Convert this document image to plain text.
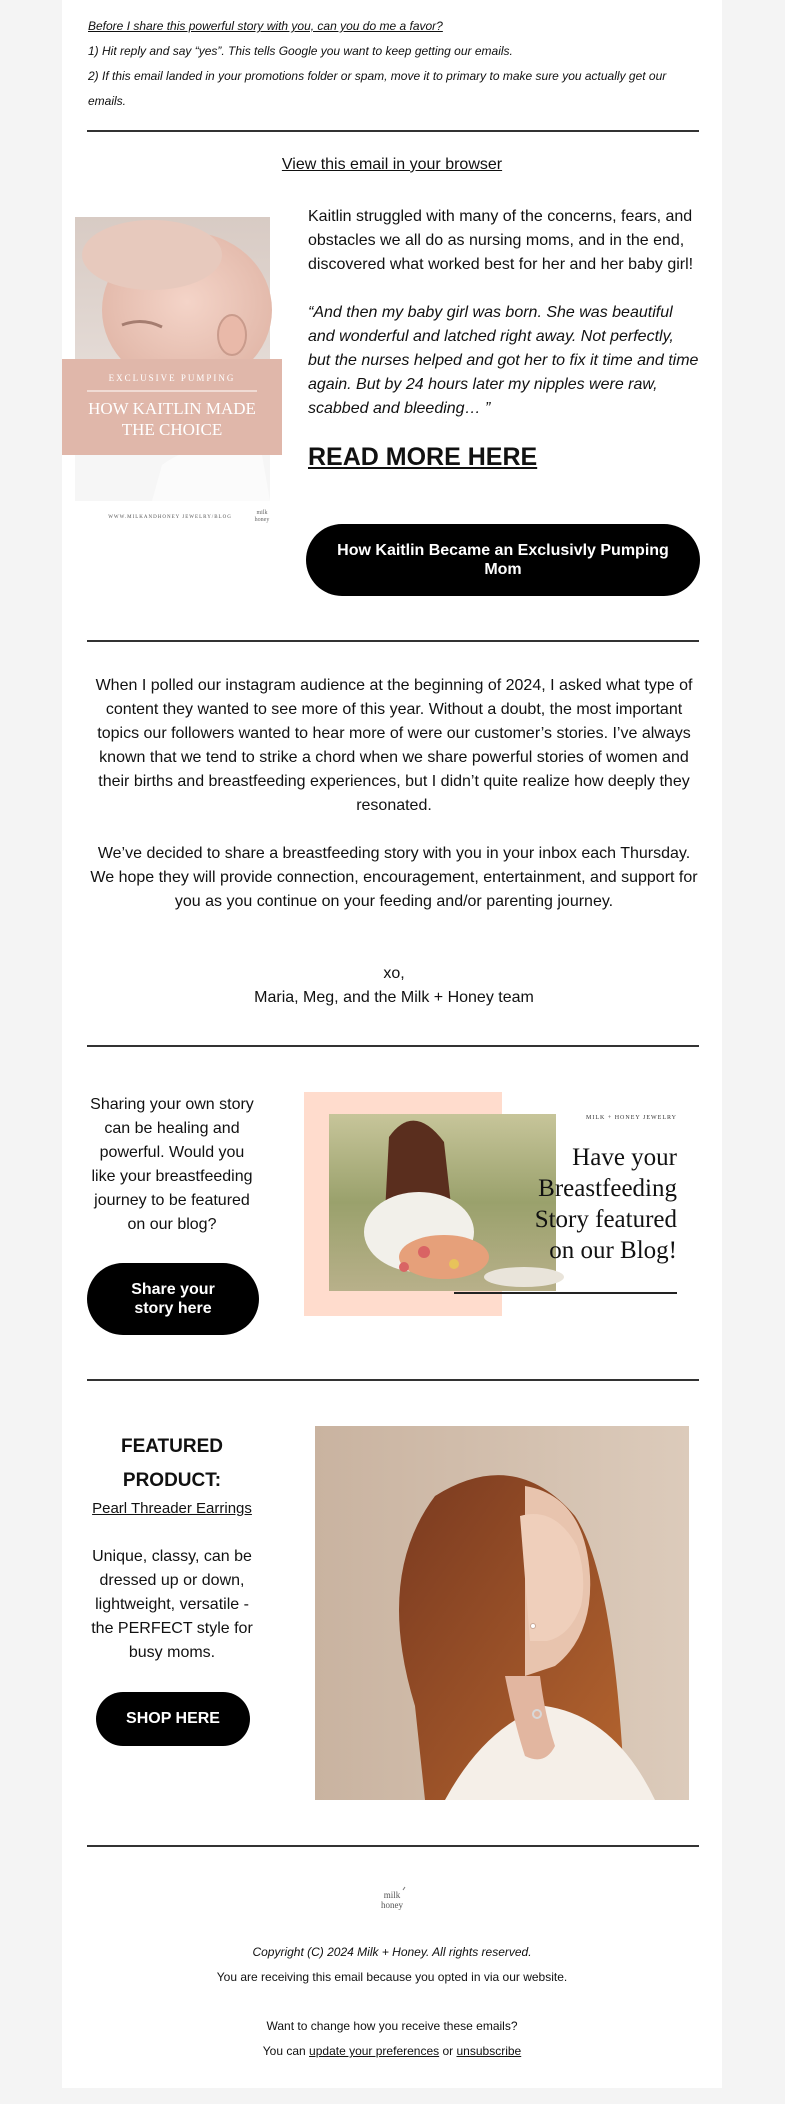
Before I share this powerful story with you, can you do me a favor?
1) Hit reply and say “yes”. This tells Google you want to keep getting our emails.
2) If this email landed in your promotions folder or spam, move it to primary to make sure you actually get our emails.
View this email in your browser
EXCLUSIVE PUMPING
HOW KAITLIN MADE
THE CHOICE
WWW.MILKANDHONEY JEWELRY/BLOG
milk
honey
Kaitlin struggled with many of the concerns, fears, and obstacles we all do as nursing moms, and in the end, discovered what worked best for her and her baby girl!
“And then my baby girl was born. She was beautiful and wonderful and latched right away. Not perfectly, but the nurses helped and got her to fix it time and time again. But by 24 hours later my nipples were raw, scabbed and bleeding… ”
READ MORE HERE
How Kaitlin Became an Exclusivly Pumping Mom
When I polled our instagram audience at the beginning of 2024, I asked what type of content they wanted to see more of this year. Without a doubt, the most important topics our followers wanted to hear more of were our customer’s stories. I’ve always known that we tend to strike a chord when we share powerful stories of women and their births and breastfeeding experiences, but I didn’t quite realize how deeply they resonated.
We’ve decided to share a breastfeeding story with you in your inbox each Thursday. We hope they will provide connection, encouragement, entertainment, and support for you as you continue on your feeding and/or parenting journey.
xo,
Maria, Meg, and the Milk + Honey team
Sharing your own story can be healing and powerful. Would you like your breastfeeding journey to be featured on our blog?
Share your story here
MILK + HONEY JEWELRY
Have your
Breastfeeding
Story featured
on our Blog!
FEATURED PRODUCT:
Pearl Threader Earrings
Unique, classy, can be dressed up or down, lightweight, versatile - the PERFECT style for busy moms.
SHOP HERE
milk
honey
Copyright (C) 2024 Milk + Honey. All rights reserved.
You are receiving this email because you opted in via our website.
Want to change how you receive these emails?
You can update your preferences or unsubscribe
